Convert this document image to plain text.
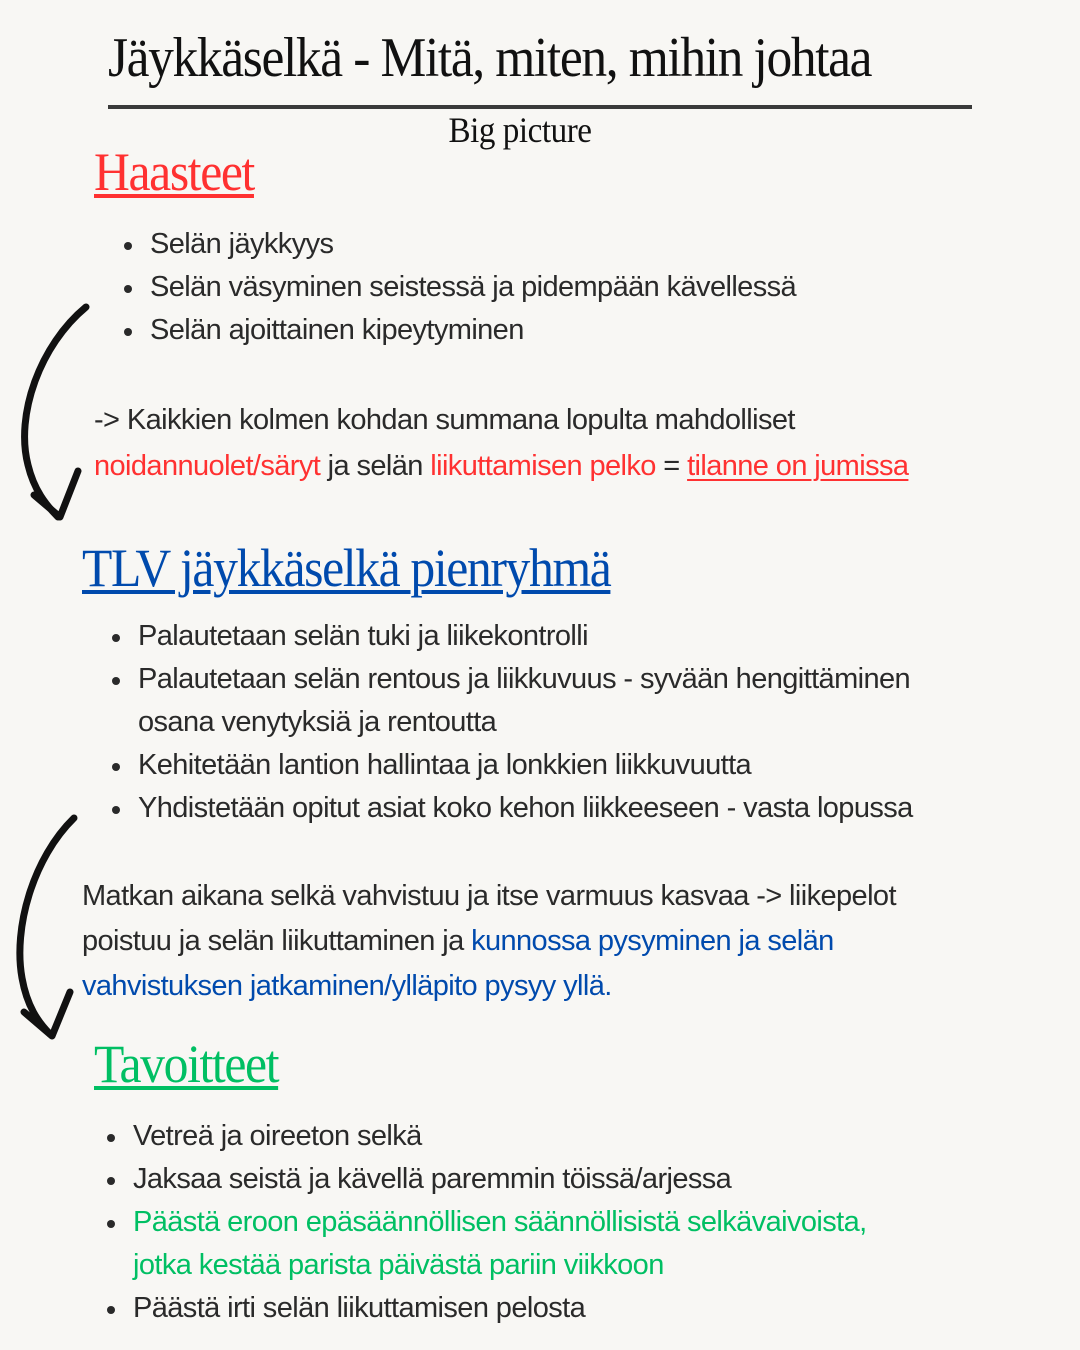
Jäykkäselkä - Mitä, miten, mihin johtaa
Big picture
Haasteet
Selän jäykkyys
Selän väsyminen seistessä ja pidempään kävellessä
Selän ajoittainen kipeytyminen
-> Kaikkien kolmen kohdan summana lopulta mahdolliset
noidannuolet/säryt ja selän liikuttamisen pelko = tilanne on jumissa
TLV jäykkäselkä pienryhmä
Palautetaan selän tuki ja liikekontrolli
Palautetaan selän rentous ja liikkuvuus - syvään hengittäminen
osana venytyksiä ja rentoutta
Kehitetään lantion hallintaa ja lonkkien liikkuvuutta
Yhdistetään opitut asiat koko kehon liikkeeseen - vasta lopussa
Matkan aikana selkä vahvistuu ja itse varmuus kasvaa -> liikepelot
poistuu ja selän liikuttaminen ja kunnossa pysyminen ja selän
vahvistuksen jatkaminen/ylläpito pysyy yllä.
Tavoitteet
Vetreä ja oireeton selkä
Jaksaa seistä ja kävellä paremmin töissä/arjessa
Päästä eroon epäsäännöllisen säännöllisistä selkävaivoista,
jotka kestää parista päivästä pariin viikkoon
Päästä irti selän liikuttamisen pelosta
